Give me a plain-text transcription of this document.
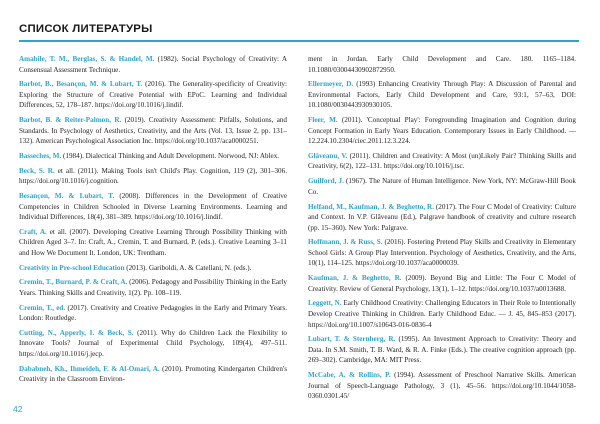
СПИСОК ЛИТЕРАТУРЫ

Amabile, T. M., Berglas, S. & Handel, M. (1982). Social Psychology of Creativity: A Consensual Assessment Technique.

Barbot, B., Besançon, M. & Lubart, T. (2016). The Generality-specificity of Creativity: Exploring the Structure of Creative Potential with EPoC. Learning and Individual Differences, 52, 178–187. https://doi.org/10.1016/j.lindif.

Barbot, B. & Reiter-Palmon, R. (2019). Creativity Assessment: Pitfalls, Solutions, and Standards. In Psychology of Aesthetics, Creativity, and the Arts (Vol. 13, Issue 2, pp. 131–132). American Psychological Association Inc. https://doi.org/10.1037/aca0000251.

Basseches, M. (1984). Dialectical Thinking and Adult Development. Norwood, NJ: Ablex.

Beck, S. R. et all. (2011). Making Tools isn't Child's Play. Cognition, 119 (2), 301–306. https://doi.org/10.1016/j.cognition.

Besançon, M. & Lubart, T. (2008). Differences in the Development of Creative Competencies in Children Schooled in Diverse Learning Environments. Learning and Individual Differences, 18(4), 381–389. https://doi.org/10.1016/j.lindif.

Craft, A. et all. (2007). Developing Creative Learning Through Possibility Thinking with Children Aged 3–7. In: Craft, A., Cremin, T. and Burnard, P. (eds.). Creative Learning 3–11 and How We Document It. London, UK: Trentham.

Creativity in Pre-school Education (2013). Gariboldi, A. & Catellani, N. (eds.).

Cremin, T., Burnard, P. & Craft, A. (2006). Pedagogy and Possibility Thinking in the Early Years. Thinking Skills and Creativity, 1(2). Pp. 108–119.

Cremin, T., ed. (2017). Creativity and Creative Pedagogies in the Early and Primary Years. London: Routledge.

Cutting, N., Apperly, I. & Beck, S. (2011). Why do Children Lack the Flexibility to Innovate Tools? Journal of Experimental Child Psychology, 109(4), 497–511. https://doi.org/10.1016/j.jecp.

Dababneh, Kh., Ihmeideh, F. & Al-Omari, A. (2010). Promoting Kindergarten Children's Creativity in the Classroom Environ-

ment in Jordan. Early Child Development and Care. 180. 1165–1184. 10.1080/03004430902872950.

Ellermeyer, D. (1993) Enhancing Creativity Through Play: A Discussion of Parental and Environmental Factors, Early Child Development and Care, 93:1, 57–63, DOI: 10.1080/0030443930930105.

Fleer, M. (2011). 'Conceptual Play': Foregrounding Imagination and Cognition during Concept Formation in Early Years Education. Contemporary Issues in Early Childhood. — 12.224.10.2304/ciec.2011.12.3.224.

Glăveanu, V. (2011). Children and Creativity: A Most (un)Likely Pair? Thinking Skills and Creativity, 6(2), 122–131. https://doi.org/10.1016/j.tsc.

Guilford, J. (1967). The Nature of Human Intelligence. New York, NY: McGraw-Hill Book Co.

Helfand, M., Kaufman, J. & Beghetto, R. (2017). The Four C Model of Creativity: Culture and Context. In V.P. Glăveanu (Ed.), Palgrave handbook of creativity and culture research (pp. 15–360). New York: Palgrave.

Hoffmann, J. & Russ, S. (2016). Fostering Pretend Play Skills and Creativity in Elementary School Girls: A Group Play Intervention. Psychology of Aesthetics, Creativity, and the Arts, 10(1), 114–125. https://doi.org/10.1037/aca0000039.

Kaufman, J. & Beghetto, R. (2009). Beyond Big and Little: The Four C Model of Creativity. Review of General Psychology, 13(1), 1–12. https://doi.org/10.1037/a0013688.

Leggett, N. Early Childhood Creativity: Challenging Educators in Their Role to Intentionally Develop Creative Thinking in Children. Early Childhood Educ. — J. 45, 845–853 (2017). https://doi.org/10.1007/s10643-016-0836-4

Lubart, T. & Sternberg, R. (1995). An Investment Approach to Creativity: Theory and Data. In S.M. Smith, T. B. Ward, & R. A. Finke (Eds.). The creative cognition approach (pp. 269–302). Cambridge, MA: MIT Press.

McCabe, A. & Rollins, P. (1994). Assessment of Preschool Narrative Skills. American Journal of Speech-Language Pathology, 3 (1), 45–56. https://doi.org/10.1044/1058-0360.0301.45/

42
